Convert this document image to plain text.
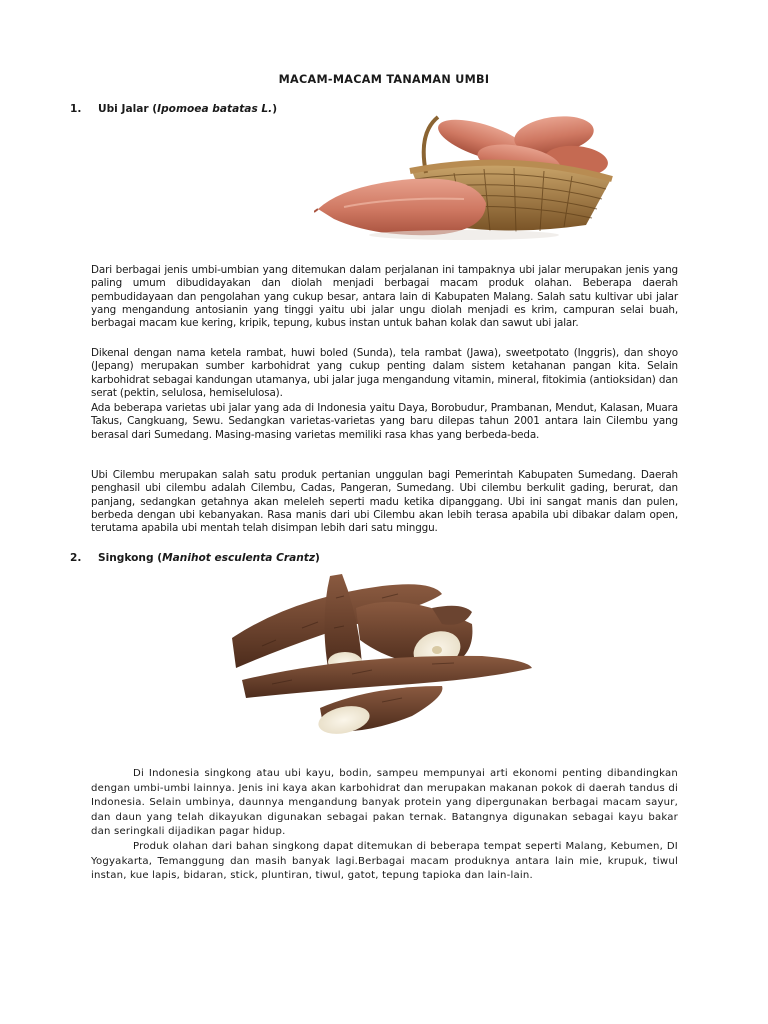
MACAM-MACAM TANAMAN UMBI

1. Ubi Jalar (Ipomoea batatas L.)

Dari berbagai jenis umbi-umbian yang ditemukan dalam perjalanan ini tampaknya ubi jalar merupakan jenis yang paling umum dibudidayakan dan diolah menjadi berbagai macam produk olahan. Beberapa daerah pembudidayaan dan pengolahan yang cukup besar, antara lain di Kabupaten Malang. Salah satu kultivar ubi jalar yang mengandung antosianin yang tinggi yaitu ubi jalar ungu diolah menjadi es krim, campuran selai buah, berbagai macam kue kering, kripik, tepung, kubus instan untuk bahan kolak dan sawut ubi jalar.

Dikenal dengan nama ketela rambat, huwi boled (Sunda), tela rambat (Jawa), sweetpotato (Inggris), dan shoyo (Jepang) merupakan sumber karbohidrat yang cukup penting dalam sistem ketahanan pangan kita. Selain karbohidrat sebagai kandungan utamanya, ubi jalar juga mengandung vitamin, mineral, fitokimia (antioksidan) dan serat (pektin, selulosa, hemiselulosa).

Ada beberapa varietas ubi jalar yang ada di Indonesia yaitu Daya, Borobudur, Prambanan, Mendut, Kalasan, Muara Takus, Cangkuang, Sewu. Sedangkan varietas-varietas yang baru dilepas tahun 2001 antara lain Cilembu yang berasal dari Sumedang. Masing-masing varietas memiliki rasa khas yang berbeda-beda.

Ubi Cilembu merupakan salah satu produk pertanian unggulan bagi Pemerintah Kabupaten Sumedang. Daerah penghasil ubi cilembu adalah Cilembu, Cadas, Pangeran, Sumedang. Ubi cilembu berkulit gading, berurat, dan panjang, sedangkan getahnya akan meleleh seperti madu ketika dipanggang. Ubi ini sangat manis dan pulen, berbeda dengan ubi kebanyakan. Rasa manis dari ubi Cilembu akan lebih terasa apabila ubi dibakar dalam open, terutama apabila ubi mentah telah disimpan lebih dari satu minggu.

2. Singkong (Manihot esculenta Crantz)

Di Indonesia singkong atau ubi kayu, bodin, sampeu mempunyai arti ekonomi penting dibandingkan dengan umbi-umbi lainnya. Jenis ini kaya akan karbohidrat dan merupakan makanan pokok di daerah tandus di Indonesia. Selain umbinya, daunnya mengandung banyak protein yang dipergunakan berbagai macam sayur, dan daun yang telah dikayukan digunakan sebagai pakan ternak. Batangnya digunakan sebagai kayu bakar dan seringkali dijadikan pagar hidup.

Produk olahan dari bahan singkong dapat ditemukan di beberapa tempat seperti Malang, Kebumen, DI Yogyakarta, Temanggung dan masih banyak lagi.Berbagai macam produknya antara lain mie, krupuk, tiwul instan, kue lapis, bidaran, stick, pluntiran, tiwul, gatot, tepung tapioka dan lain-lain.
